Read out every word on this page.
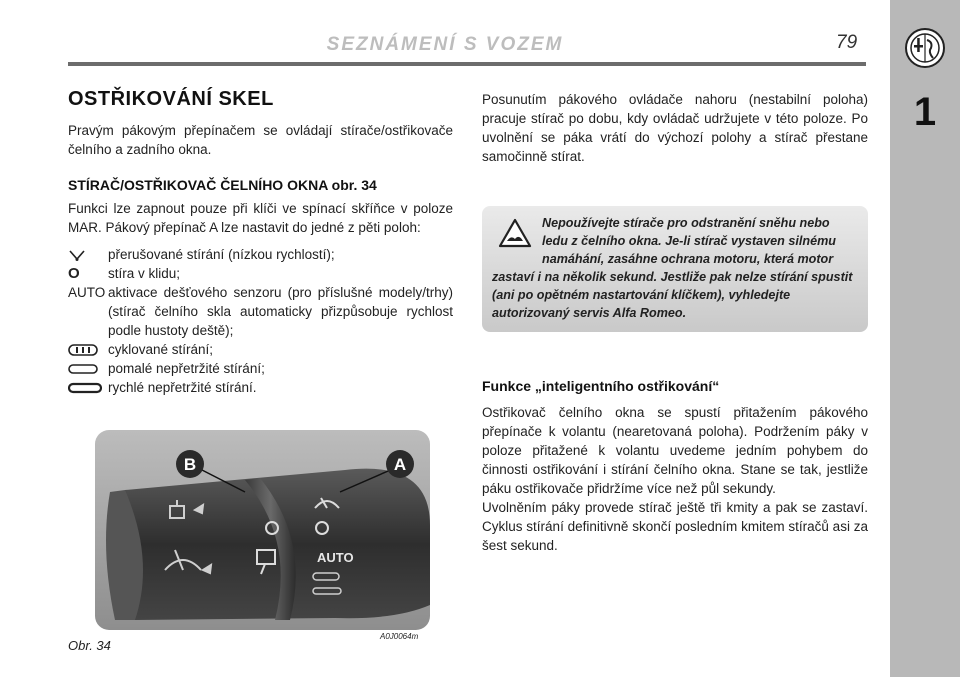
SEZNÁMENÍ S VOZEM	79
1
OSTŘIKOVÁNÍ SKEL

Pravým pákovým přepínačem se ovládají stírače/ostřikovače čelního a zadního okna.

STÍRAČ/OSTŘIKOVAČ ČELNÍHO OKNA obr. 34

Funkci lze zapnout pouze při klíči ve spínací skříňce v poloze MAR. Pákový přepínač A lze nastavit do jedné z pěti poloh:

přerušované stírání (nízkou rychlostí);
O	stíra v klidu;
AUTO aktivace dešťového senzoru (pro příslušné modely/trhy) (stírač čelního skla automaticky přizpůsobuje rychlost podle hustoty deště);
cyklované stírání;
pomalé nepřetržité stírání;
rychlé nepřetržité stírání.
AUTO
B	A
Obr. 34
A0J0064m

Posunutím pákového ovládače nahoru (nestabilní poloha) pracuje stírač po dobu, kdy ovládač udržujete v této poloze. Po uvolnění se páka vrátí do výchozí polohy a stírač přestane samočinně stírat.

Nepoužívejte stírače pro odstranění sněhu nebo ledu z čelního okna. Je-li stírač vystaven silnému namáhání, zasáhne ochrana motoru, která motor zastaví i na několik sekund. Jestliže pak nelze stírání spustit (ani po opětném nastartování klíčkem), vyhledejte autorizovaný servis Alfa Romeo.
Funkce „inteligentního ostřikování“

Ostřikovač čelního okna se spustí přitažením pákového přepínače k volantu (nearetovaná poloha). Podržením páky v poloze přitažené k volantu uvedeme jedním pohybem do činnosti ostřikování i stírání čelního okna. Stane se tak, jestliže páku ostřikovače přidržíme více než půl sekundy.

Uvolněním páky provede stírač ještě tři kmity a pak se zastaví. Cyklus stírání definitivně skončí posledním kmitem stíračů asi za šest sekund.
